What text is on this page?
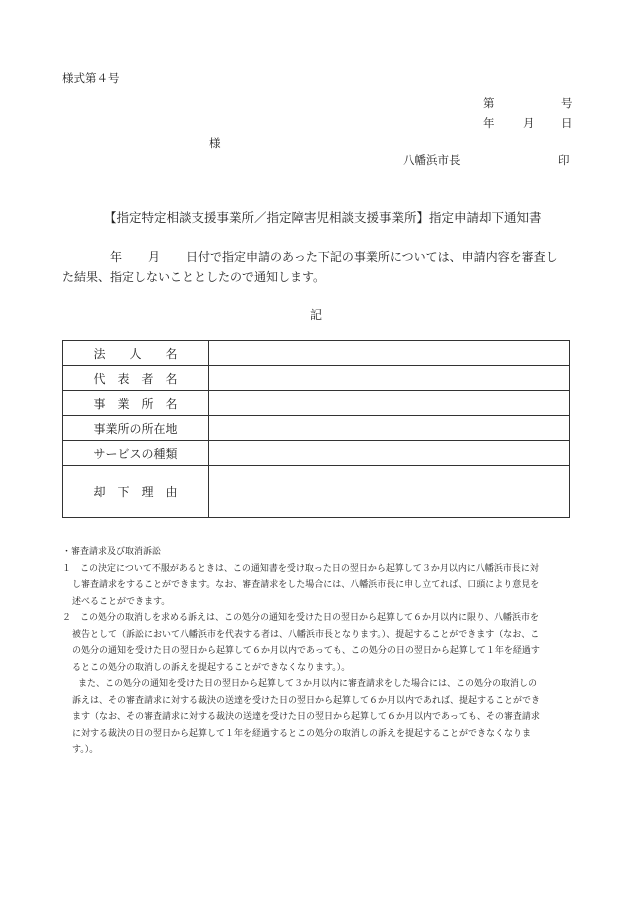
様式第４号
第	号
年 月 日
様
八幡浜市長	印
【指定特定相談支援事業所／指定障害児相談支援事業所】指定申請却下通知書
年 月 日付で指定申請のあった下記の事業所については、申請内容を審査し
た結果、指定しないこととしたので通知します。
記
法　　人　　名	
代　表　者　名	
事　業　所　名	
事業所の所在地	
サービスの種類	
却　下　理　由	
・審査請求及び取消訴訟
１　この決定について不服があるときは、この通知書を受け取った日の翌日から起算して３か月以内に八幡浜市長に対
し審査請求をすることができます。なお、審査請求をした場合には、八幡浜市長に申し立てれば、口頭により意見を
述べることができます。
２　この処分の取消しを求める訴えは、この処分の通知を受けた日の翌日から起算して６か月以内に限り、八幡浜市を
被告として（訴訟において八幡浜市を代表する者は、八幡浜市長となります。）、提起することができます（なお、こ
の処分の通知を受けた日の翌日から起算して６か月以内であっても、この処分の日の翌日から起算して１年を経過す
るとこの処分の取消しの訴えを提起することができなくなります。）。
また、この処分の通知を受けた日の翌日から起算して３か月以内に審査請求をした場合には、この処分の取消しの
訴えは、その審査請求に対する裁決の送達を受けた日の翌日から起算して６か月以内であれば、提起することができ
ます（なお、その審査請求に対する裁決の送達を受けた日の翌日から起算して６か月以内であっても、その審査請求
に対する裁決の日の翌日から起算して１年を経過するとこの処分の取消しの訴えを提起することができなくなりま
す。）。
